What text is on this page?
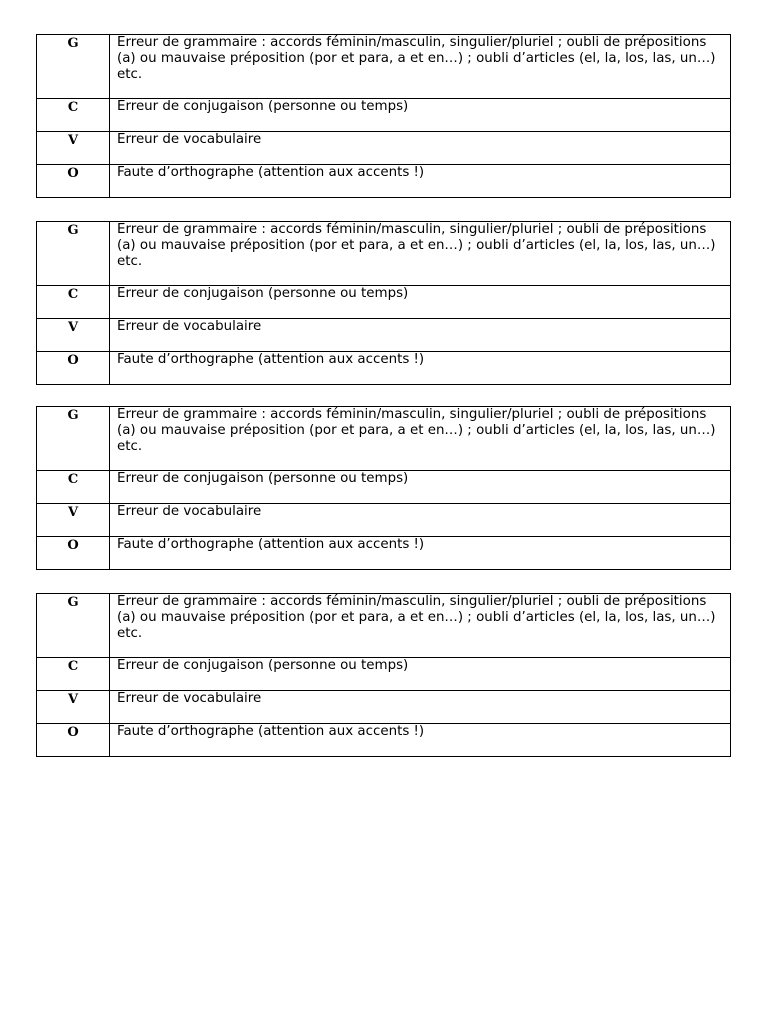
G	Erreur de grammaire : accords féminin/masculin, singulier/pluriel ; oubli de prépositions (a) ou mauvaise préposition (por et para, a et en…) ; oubli d’articles (el, la, los, las, un…) etc.
C	Erreur de conjugaison (personne ou temps)
V	Erreur de vocabulaire
O	Faute d’orthographe (attention aux accents !)
G	Erreur de grammaire : accords féminin/masculin, singulier/pluriel ; oubli de prépositions (a) ou mauvaise préposition (por et para, a et en…) ; oubli d’articles (el, la, los, las, un…) etc.
C	Erreur de conjugaison (personne ou temps)
V	Erreur de vocabulaire
O	Faute d’orthographe (attention aux accents !)
G	Erreur de grammaire : accords féminin/masculin, singulier/pluriel ; oubli de prépositions (a) ou mauvaise préposition (por et para, a et en…) ; oubli d’articles (el, la, los, las, un…) etc.
C	Erreur de conjugaison (personne ou temps)
V	Erreur de vocabulaire
O	Faute d’orthographe (attention aux accents !)
G	Erreur de grammaire : accords féminin/masculin, singulier/pluriel ; oubli de prépositions (a) ou mauvaise préposition (por et para, a et en…) ; oubli d’articles (el, la, los, las, un…) etc.
C	Erreur de conjugaison (personne ou temps)
V	Erreur de vocabulaire
O	Faute d’orthographe (attention aux accents !)
